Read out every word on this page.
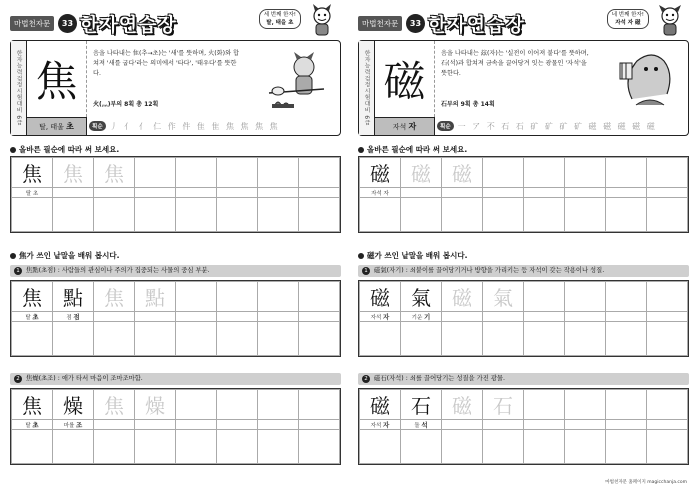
마법천자문	33 한자연습장	세 번째 한자!
탈, 태을 초
한자능력검정시험대비 6급 焦
탈, 태울 초
음을 나타내는 隹(추→초)는 '새'를 뜻하며, 火(화)와 합쳐져 '새를 굽다'라는 의미에서 '타다', '태우다'를 뜻한다.
火(灬)부의 8획 총 12획
획순 丿 亻 亻 仁 作 件 隹 隹 焦 焦 焦 焦
올바른 필순에 따라 써 보세요.
焦	焦	焦					
탈 초							

焦가 쓰인 낱말을 배워 봅시다.
1 焦點(초점) : 사람들의 관심이나 주의가 집중되는 사물의 중심 부분.
焦	點	焦	點				
탈 초	점 점						

2 焦燥(초조) : 애가 타서 마음이 조마조마함.
焦	燥	焦	燥				
탈 초	마를 조						

마법천자문	33 한자연습장	네 번째 한자!
자석 자 磁
한자능력검정시험대비 6급 磁
자석 자
음을 나타내는 玆(자)는 '실전이 이어져 붙다'를 뜻하며, 石(석)과 합쳐져 금속을 끌어당겨 잇는 광물인 '자석'을 뜻한다.
石부의 9획 총 14획
획순 一 ア 不 石 石 矿 矿 矿 矿 磁 磁 磁 磁 磁
올바른 필순에 따라 써 보세요.
磁	磁	磁					
자석 자							

磁가 쓰인 낱말을 배워 봅시다.
1 磁氣(자기) : 쇠붙이를 끌어당기거나 방향을 가리키는 등 자석이 갖는 작용이나 성질.
磁	氣	磁	氣				
자석 자	기운 기						

2 磁石(자석) : 쇠를 끌어당기는 성질을 가진 광물.
磁	石	磁	石				
자석 자	돌 석						

마법천자문 홈페이지 magicchanja.com
